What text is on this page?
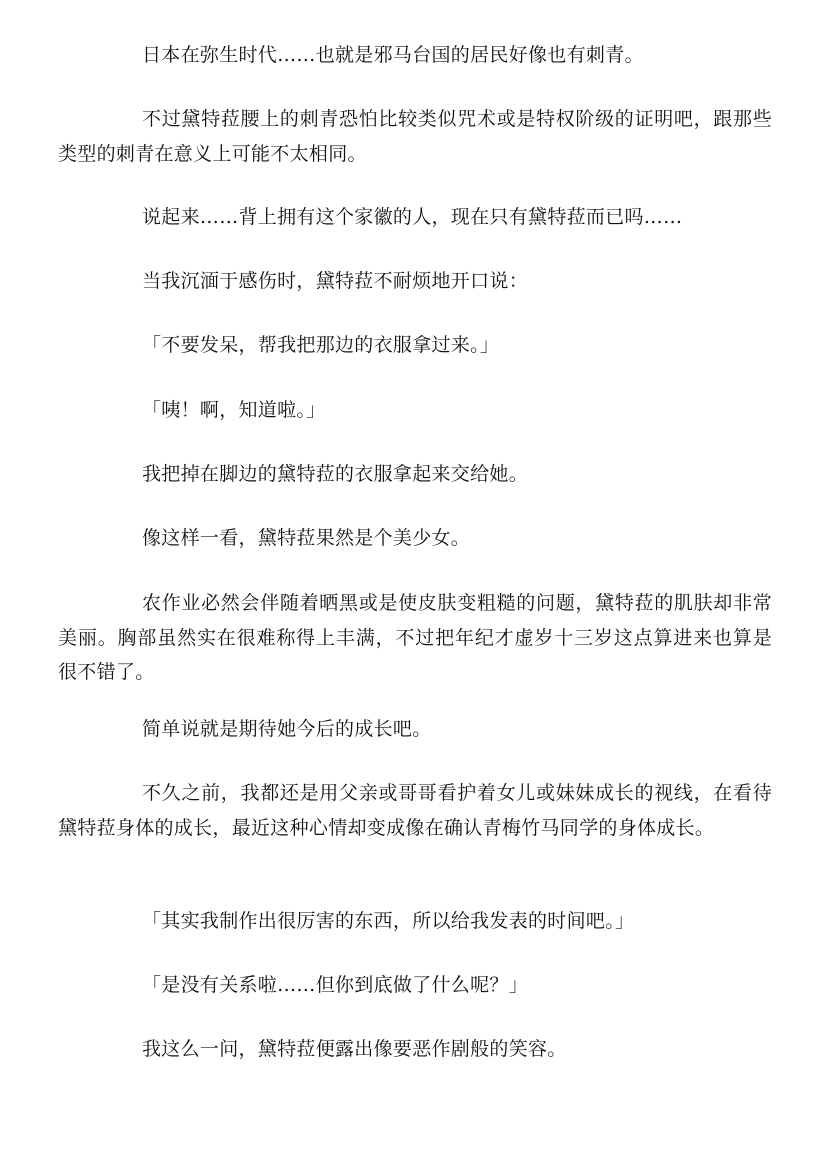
日本在弥生时代……也就是邪马台国的居民好像也有刺青。

不过黛特菈腰上的刺青恐怕比较类似咒术或是特权阶级的证明吧，跟那些类型的刺青在意义上可能不太相同。

说起来……背上拥有这个家徽的人，现在只有黛特菈而已吗……

当我沉湎于感伤时，黛特菈不耐烦地开口说：

「不要发呆，帮我把那边的衣服拿过来。」

「咦！啊，知道啦。」

我把掉在脚边的黛特菈的衣服拿起来交给她。

像这样一看，黛特菈果然是个美少女。

农作业必然会伴随着晒黑或是使皮肤变粗糙的问题，黛特菈的肌肤却非常美丽。胸部虽然实在很难称得上丰满，不过把年纪才虚岁十三岁这点算进来也算是很不错了。

简单说就是期待她今后的成长吧。

不久之前，我都还是用父亲或哥哥看护着女儿或妹妹成长的视线，在看待黛特菈身体的成长，最近这种心情却变成像在确认青梅竹马同学的身体成长。

「其实我制作出很厉害的东西，所以给我发表的时间吧。」

「是没有关系啦……但你到底做了什么呢？」

我这么一问，黛特菈便露出像要恶作剧般的笑容。
